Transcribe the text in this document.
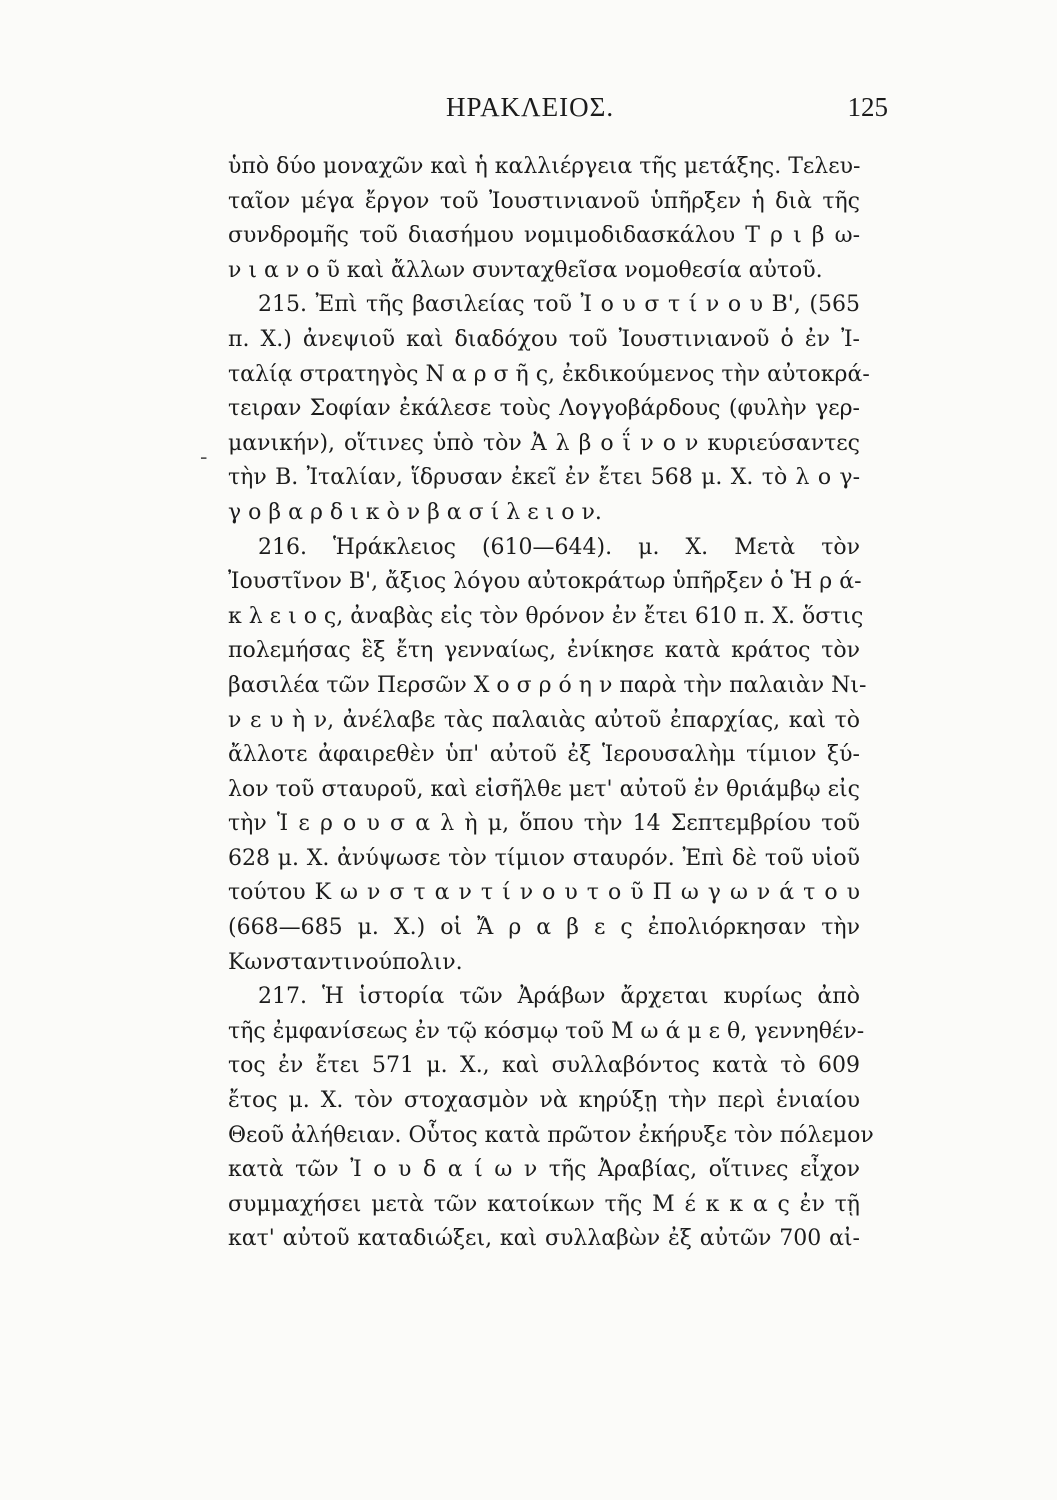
ΗΡΑΚΛΕΙΟΣ.	125
-
ὑπὸ δύο μοναχῶν καὶ ἡ καλλιέργεια τῆς μετάξης. Τελευ-
ταῖον μέγα ἔργον τοῦ Ἰουστινιανοῦ ὑπῆρξεν ἡ διὰ τῆς
συνδρομῆς τοῦ διασήμου νομιμοδιδασκάλου Τ ρ ι β ω-
ν ι α ν ο ῦ καὶ ἄλλων συνταχθεῖσα νομοθεσία αὐτοῦ.
215. Ἐπὶ τῆς βασιλείας τοῦ Ἰ ο υ σ τ ί ν ο υ Β', (565
π. Χ.) ἀνεψιοῦ καὶ διαδόχου τοῦ Ἰουστινιανοῦ ὁ ἐν Ἰ-
ταλίᾳ στρατηγὸς Ν α ρ σ ῆ ς, ἐκδικούμενος τὴν αὐτοκρά-
τειραν Σοφίαν ἐκάλεσε τοὺς Λογγοβάρδους (φυλὴν γερ-
μανικήν), οἵτινες ὑπὸ τὸν Ἀ λ β ο ΐ ν ο ν κυριεύσαντες
τὴν Β. Ἰταλίαν, ἵδρυσαν ἐκεῖ ἐν ἔτει 568 μ. Χ. τὸ λ ο γ-
γ ο β α ρ δ ι κ ὸ ν β α σ ί λ ε ι ο ν.
216. Ἡράκλειος (610—644). μ. Χ. Μετὰ τὸν
Ἰουστῖνον Β', ἄξιος λόγου αὐτοκράτωρ ὑπῆρξεν ὁ Ἡ ρ ά-
κ λ ε ι ο ς, ἀναβὰς εἰς τὸν θρόνον ἐν ἔτει 610 π. Χ. ὅστις
πολεμήσας ἓξ ἔτη γενναίως, ἐνίκησε κατὰ κράτος τὸν
βασιλέα τῶν Περσῶν Χ ο σ ρ ό η ν παρὰ τὴν παλαιὰν Νι-
ν ε υ ὴ ν, ἀνέλαβε τὰς παλαιὰς αὐτοῦ ἐπαρχίας, καὶ τὸ
ἄλλοτε ἀφαιρεθὲν ὑπ' αὐτοῦ ἐξ Ἱερουσαλὴμ τίμιον ξύ-
λον τοῦ σταυροῦ, καὶ εἰσῆλθε μετ' αὐτοῦ ἐν θριάμβῳ εἰς
τὴν Ἱ ε ρ ο υ σ α λ ὴ μ, ὅπου τὴν 14 Σεπτεμβρίου τοῦ
628 μ. Χ. ἀνύψωσε τὸν τίμιον σταυρόν. Ἐπὶ δὲ τοῦ υἱοῦ
τούτου Κ ω ν σ τ α ν τ ί ν ο υ τ ο ῦ Π ω γ ω ν ά τ ο υ
(668—685 μ. Χ.) οἱ Ἄ ρ α β ε ς ἐπολιόρκησαν τὴν
Κωνσταντινούπολιν.
217. Ἡ ἱστορία τῶν Ἀράβων ἄρχεται κυρίως ἀπὸ
τῆς ἐμφανίσεως ἐν τῷ κόσμῳ τοῦ Μ ω ά μ ε θ, γεννηθέν-
τος ἐν ἔτει 571 μ. Χ., καὶ συλλαβόντος κατὰ τὸ 609
ἔτος μ. Χ. τὸν στοχασμὸν νὰ κηρύξῃ τὴν περὶ ἑνιαίου
Θεοῦ ἀλήθειαν. Οὗτος κατὰ πρῶτον ἐκήρυξε τὸν πόλεμον
κατὰ τῶν Ἰ ο υ δ α ί ω ν τῆς Ἀραβίας, οἵτινες εἶχον
συμμαχήσει μετὰ τῶν κατοίκων τῆς Μ έ κ κ α ς ἐν τῇ
κατ' αὐτοῦ καταδιώξει, καὶ συλλαβὼν ἐξ αὐτῶν 700 αἰ-
